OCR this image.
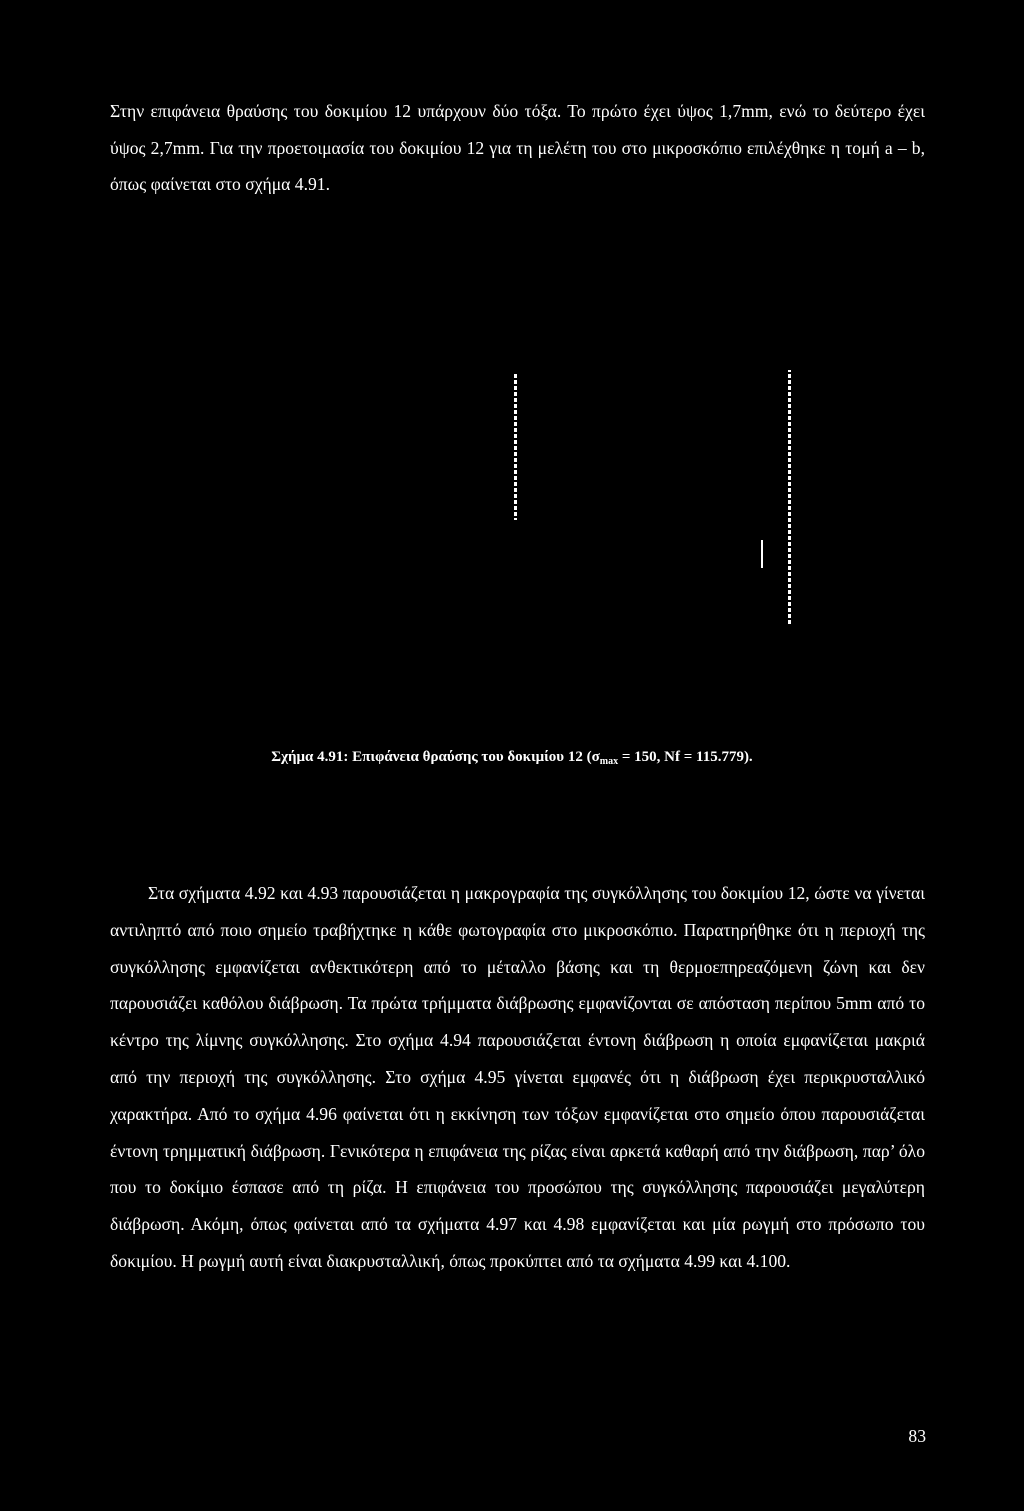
Στην επιφάνεια θραύσης του δοκιμίου 12 υπάρχουν δύο τόξα. Το πρώτο έχει ύψος 1,7mm, ενώ το δεύτερο έχει ύψος 2,7mm. Για την προετοιμασία του δοκιμίου 12 για τη μελέτη του στο μικροσκόπιο επιλέχθηκε η τομή a – b, όπως φαίνεται στο σχήμα 4.91.

Σχήμα 4.91: Επιφάνεια θραύσης του δοκιμίου 12 ($\sigma_{max} = 150$, Nf = 115.779).

Στα σχήματα 4.92 και 4.93 παρουσιάζεται η μακρογραφία της συγκόλλησης του δοκιμίου 12, ώστε να γίνεται αντιληπτό από ποιο σημείο τραβήχτηκε η κάθε φωτογραφία στο μικροσκόπιο. Παρατηρήθηκε ότι η περιοχή της συγκόλλησης εμφανίζεται ανθεκτικότερη από το μέταλλο βάσης και τη θερμοεπηρεαζόμενη ζώνη και δεν παρουσιάζει καθόλου διάβρωση. Τα πρώτα τρήμματα διάβρωσης εμφανίζονται σε απόσταση περίπου 5mm από το κέντρο της λίμνης συγκόλλησης. Στο σχήμα 4.94 παρουσιάζεται έντονη διάβρωση η οποία εμφανίζεται μακριά από την περιοχή της συγκόλλησης. Στο σχήμα 4.95 γίνεται εμφανές ότι η διάβρωση έχει περικρυσταλλικό χαρακτήρα. Από το σχήμα 4.96 φαίνεται ότι η εκκίνηση των τόξων εμφανίζεται στο σημείο όπου παρουσιάζεται έντονη τρημματική διάβρωση. Γενικότερα η επιφάνεια της ρίζας είναι αρκετά καθαρή από την διάβρωση, παρ’ όλο που το δοκίμιο έσπασε από τη ρίζα. Η επιφάνεια του προσώπου της συγκόλλησης παρουσιάζει μεγαλύτερη διάβρωση. Ακόμη, όπως φαίνεται από τα σχήματα 4.97 και 4.98 εμφανίζεται και μία ρωγμή στο πρόσωπο του δοκιμίου. Η ρωγμή αυτή είναι διακρυσταλλική, όπως προκύπτει από τα σχήματα 4.99 και 4.100.

83
